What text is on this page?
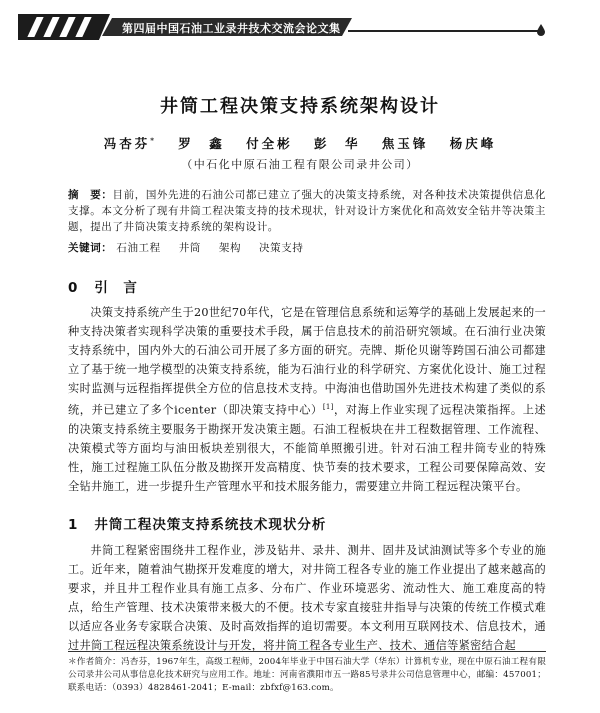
第四届中国石油工业录井技术交流会论文集
井筒工程决策支持系统架构设计
冯杏芬* 罗　鑫 付全彬 彭　华 焦玉锋 杨庆峰
（中石化中原石油工程有限公司录井公司）
摘　要：目前，国外先进的石油公司都已建立了强大的决策支持系统，对各种技术决策提供信息化支撑。本文分析了现有井筒工程决策支持的技术现状，针对设计方案优化和高效安全钻井等决策主题，提出了井筒决策支持系统的架构设计。
关键词： 石油工程 井筒 架构 决策支持
0 引　言
决策支持系统产生于20世纪70年代，它是在管理信息系统和运筹学的基础上发展起来的一种支持决策者实现科学决策的重要技术手段，属于信息技术的前沿研究领域。在石油行业决策支持系统中，国内外大的石油公司开展了多方面的研究。壳牌、斯伦贝谢等跨国石油公司都建立了基于统一地学模型的决策支持系统，能为石油行业的科学研究、方案优化设计、施工过程实时监测与远程指挥提供全方位的信息技术支持。中海油也借助国外先进技术构建了类似的系统，并已建立了多个icenter（即决策支持中心）[1]，对海上作业实现了远程决策指挥。上述的决策支持系统主要服务于勘探开发决策主题。石油工程板块在井工程数据管理、工作流程、决策模式等方面均与油田板块差别很大，不能简单照搬引进。针对石油工程井筒专业的特殊性，施工过程施工队伍分散及勘探开发高精度、快节奏的技术要求，工程公司要保障高效、安全钻井施工，进一步提升生产管理水平和技术服务能力，需要建立井筒工程远程决策平台。
1 井筒工程决策支持系统技术现状分析
井筒工程紧密围绕井工程作业，涉及钻井、录井、测井、固井及试油测试等多个专业的施工。近年来，随着油气勘探开发难度的增大，对井筒工程各专业的施工作业提出了越来越高的要求，并且井工程作业具有施工点多、分布广、作业环境恶劣、流动性大、施工难度高的特点，给生产管理、技术决策带来极大的不便。技术专家直接驻井指导与决策的传统工作模式难以适应各业务专家联合决策、及时高效指挥的追切需要。本文利用互联网技术、信息技术，通过井筒工程远程决策系统设计与开发，将井筒工程各专业生产、技术、通信等紧密结合起
＊作者简介：冯杏芬，1967年生，高级工程师，2004年毕业于中国石油大学（华东）计算机专业，现在中原石油工程有限公司录井公司从事信息化技术研究与应用工作。地址：河南省濮阳市五一路85号录井公司信息管理中心，邮编：457001；联系电话：（0393）4828461-2041；E-mail：zbfxf@163.com。
